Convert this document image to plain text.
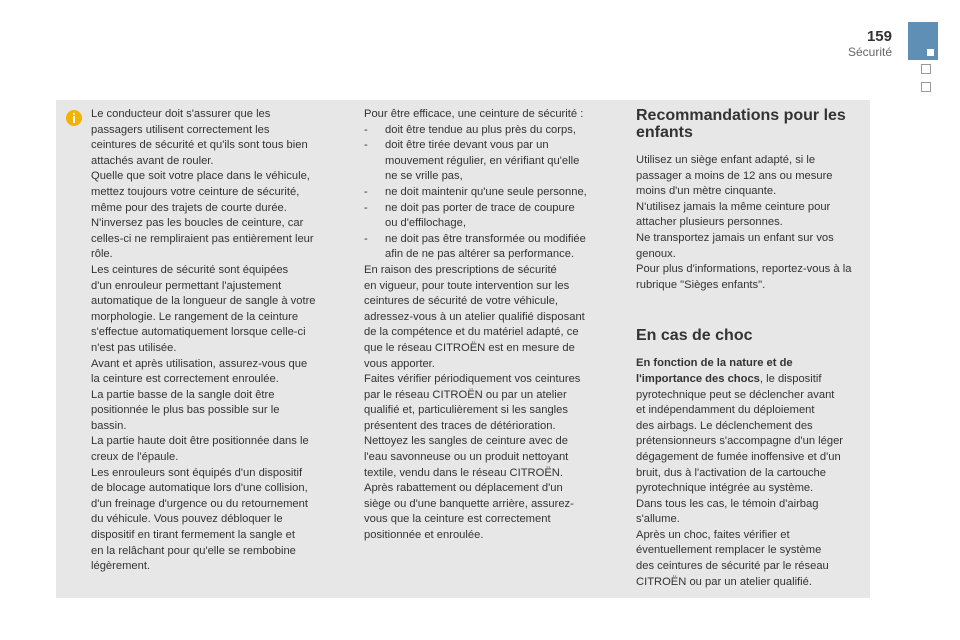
159
Sécurité

Le conducteur doit s'assurer que les
passagers utilisent correctement les
ceintures de sécurité et qu'ils sont tous bien
attachés avant de rouler.

Quelle que soit votre place dans le véhicule,
mettez toujours votre ceinture de sécurité,
même pour des trajets de courte durée.

N'inversez pas les boucles de ceinture, car
celles-ci ne rempliraient pas entièrement leur
rôle.

Les ceintures de sécurité sont équipées
d'un enrouleur permettant l'ajustement
automatique de la longueur de sangle à votre
morphologie. Le rangement de la ceinture
s'effectue automatiquement lorsque celle-ci
n'est pas utilisée.

Avant et après utilisation, assurez-vous que
la ceinture est correctement enroulée.

La partie basse de la sangle doit être
positionnée le plus bas possible sur le
bassin.

La partie haute doit être positionnée dans le
creux de l'épaule.

Les enrouleurs sont équipés d'un dispositif
de blocage automatique lors d'une collision,
d'un freinage d'urgence ou du retournement
du véhicule. Vous pouvez débloquer le
dispositif en tirant fermement la sangle et
en la relâchant pour qu'elle se rembobine
légèrement.

Pour être efficace, une ceinture de sécurité :

- doit être tendue au plus près du corps,

- doit être tirée devant vous par un
mouvement régulier, en vérifiant qu'elle
ne se vrille pas,

- ne doit maintenir qu'une seule personne,

- ne doit pas porter de trace de coupure
ou d'effilochage,

- ne doit pas être transformée ou modifiée
afin de ne pas altérer sa performance.

En raison des prescriptions de sécurité
en vigueur, pour toute intervention sur les
ceintures de sécurité de votre véhicule,
adressez-vous à un atelier qualifié disposant
de la compétence et du matériel adapté, ce
que le réseau CITROËN est en mesure de
vous apporter.

Faites vérifier périodiquement vos ceintures
par le réseau CITROËN ou par un atelier
qualifié et, particulièrement si les sangles
présentent des traces de détérioration.

Nettoyez les sangles de ceinture avec de
l'eau savonneuse ou un produit nettoyant
textile, vendu dans le réseau CITROËN.

Après rabattement ou déplacement d'un
siège ou d'une banquette arrière, assurez-
vous que la ceinture est correctement
positionnée et enroulée.

Recommandations pour les
enfants

Utilisez un siège enfant adapté, si le
passager a moins de 12 ans ou mesure
moins d'un mètre cinquante.

N'utilisez jamais la même ceinture pour
attacher plusieurs personnes.

Ne transportez jamais un enfant sur vos
genoux.

Pour plus d'informations, reportez-vous à la
rubrique "Sièges enfants".

En cas de choc

En fonction de la nature et de
l'importance des chocs, le dispositif
pyrotechnique peut se déclencher avant
et indépendamment du déploiement
des airbags. Le déclenchement des
prétensionneurs s'accompagne d'un léger
dégagement de fumée inoffensive et d'un
bruit, dus à l'activation de la cartouche
pyrotechnique intégrée au système.

Dans tous les cas, le témoin d'airbag
s'allume.

Après un choc, faites vérifier et
éventuellement remplacer le système
des ceintures de sécurité par le réseau
CITROËN ou par un atelier qualifié.
